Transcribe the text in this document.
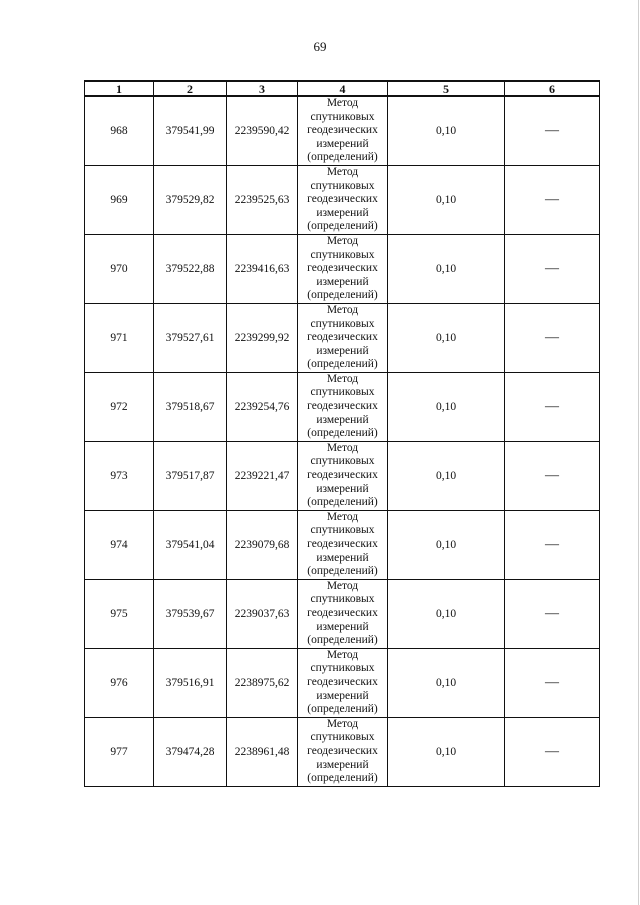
69
1	2	3	4	5	6
968	379541,99	2239590,42	Метод
спутниковых
геодезических
измерений
(определений)	0,10	—
969	379529,82	2239525,63	Метод
спутниковых
геодезических
измерений
(определений)	0,10	—
970	379522,88	2239416,63	Метод
спутниковых
геодезических
измерений
(определений)	0,10	—
971	379527,61	2239299,92	Метод
спутниковых
геодезических
измерений
(определений)	0,10	—
972	379518,67	2239254,76	Метод
спутниковых
геодезических
измерений
(определений)	0,10	—
973	379517,87	2239221,47	Метод
спутниковых
геодезических
измерений
(определений)	0,10	—
974	379541,04	2239079,68	Метод
спутниковых
геодезических
измерений
(определений)	0,10	—
975	379539,67	2239037,63	Метод
спутниковых
геодезических
измерений
(определений)	0,10	—
976	379516,91	2238975,62	Метод
спутниковых
геодезических
измерений
(определений)	0,10	—
977	379474,28	2238961,48	Метод
спутниковых
геодезических
измерений
(определений)	0,10	—
